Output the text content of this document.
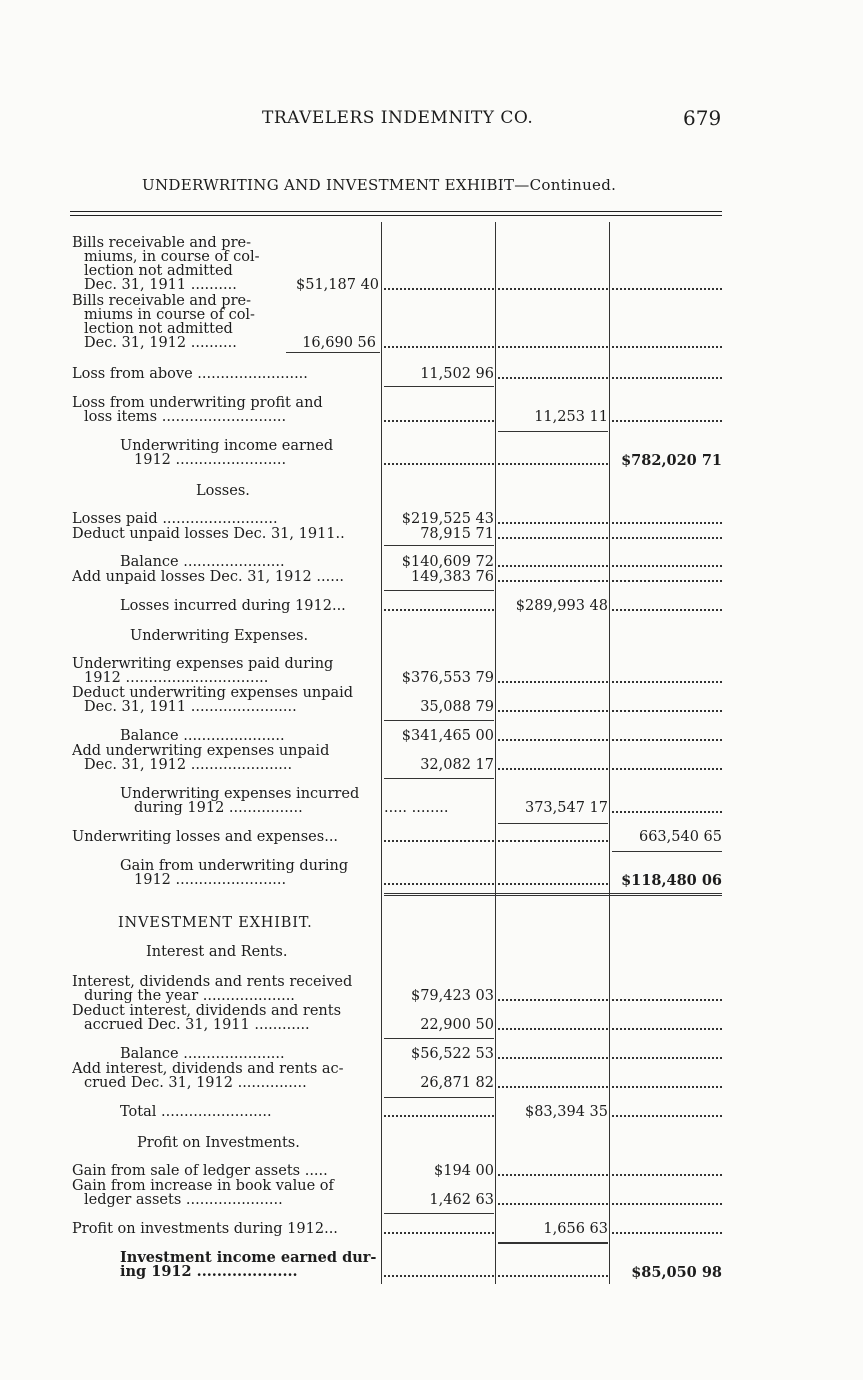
TRAVELERS INDEMNITY CO.	679
UNDERWRITING AND INVESTMENT EXHIBIT—Continued.
Bills receivable and pre-
miums, in course of col-
lection not admitted
Dec. 31, 1911 ..........	$51,187 40
Bills receivable and pre-
miums in course of col-
lection not admitted
Dec. 31, 1912 ..........	16,690 56
Loss from above ........................	11,502 96
Loss from underwriting profit and
loss items ...........................	11,253 11
Underwriting income earned
1912 ........................	$782,020 71
Losses.
Losses paid .........................	$219,525 43
Deduct unpaid losses Dec. 31, 1911..	78,915 71
Balance ......................	$140,609 72
Add unpaid losses Dec. 31, 1912 ......	149,383 76
Losses incurred during 1912...	$289,993 48
Underwriting Expenses.
Underwriting expenses paid during
1912 ...............................	$376,553 79
Deduct underwriting expenses unpaid
Dec. 31, 1911 .......................	35,088 79
Balance ......................	$341,465 00
Add underwriting expenses unpaid
Dec. 31, 1912 ......................	32,082 17
Underwriting expenses incurred
during 1912 ................	..... ........	373,547 17
Underwriting losses and expenses...	663,540 65
Gain from underwriting during
1912 ........................	$118,480 06
INVESTMENT EXHIBIT.
Interest and Rents.
Interest, dividends and rents received
during the year ....................	$79,423 03
Deduct interest, dividends and rents
accrued Dec. 31, 1911 ............	22,900 50
Balance ......................	$56,522 53
Add interest, dividends and rents ac-
crued Dec. 31, 1912 ...............	26,871 82
Total ........................	$83,394 35
Profit on Investments.
Gain from sale of ledger assets .....	$194 00
Gain from increase in book value of
ledger assets .....................	1,462 63
Profit on investments during 1912...	1,656 63
Investment income earned dur-
ing 1912 ....................	$85,050 98
